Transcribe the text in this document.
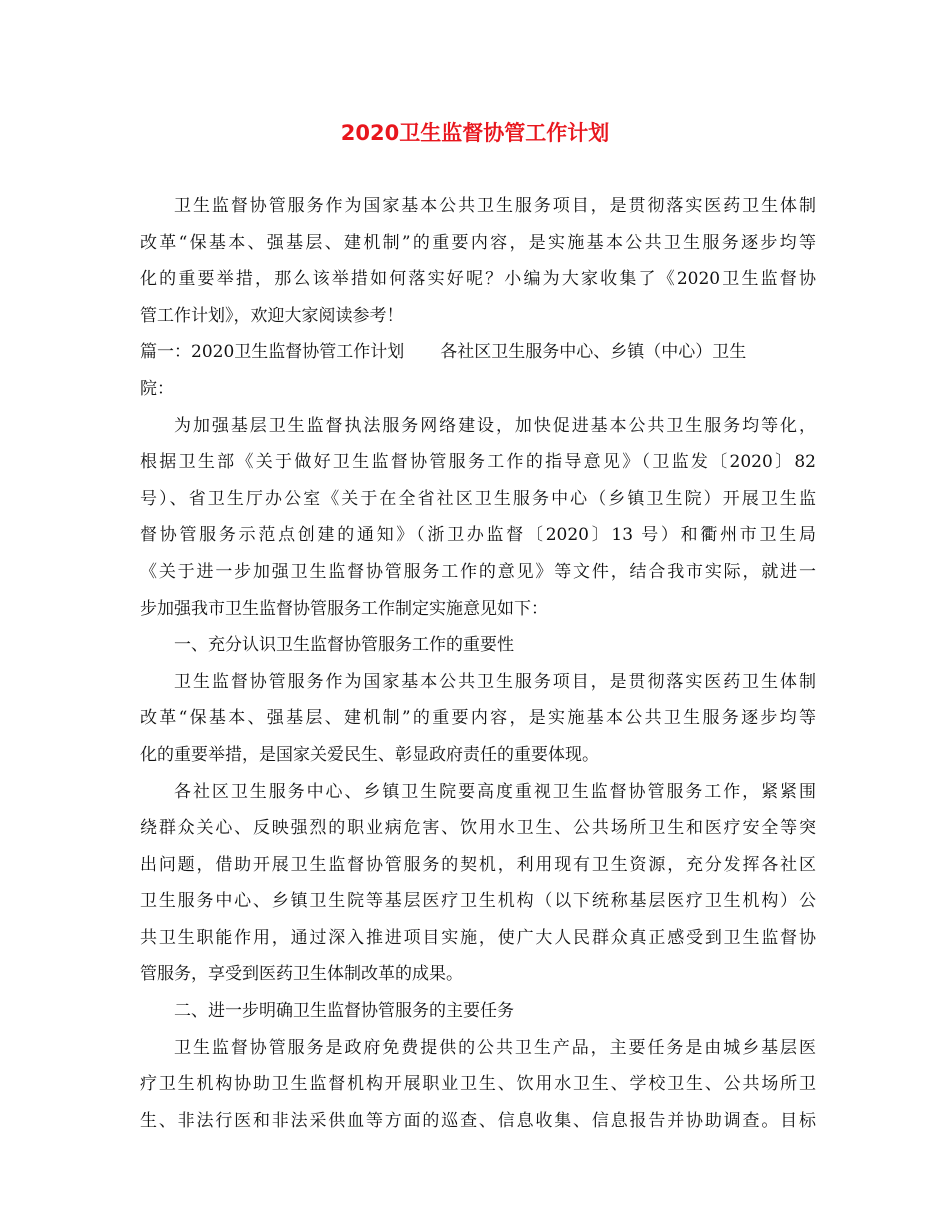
2020卫生监督协管工作计划
卫生监督协管服务作为国家基本公共卫生服务项目，是贯彻落实医药卫生体制
改革“保基本、强基层、建机制”的重要内容，是实施基本公共卫生服务逐步均等
化的重要举措，那么该举措如何落实好呢？小编为大家收集了《2020卫生监督协
管工作计划》，欢迎大家阅读参考！
篇一：2020卫生监督协管工作计划 各社区卫生服务中心、乡镇（中心）卫生
院：
为加强基层卫生监督执法服务网络建设，加快促进基本公共卫生服务均等化，
根据卫生部《关于做好卫生监督协管服务工作的指导意见》（卫监发〔2020〕82
号）、省卫生厅办公室《关于在全省社区卫生服务中心（乡镇卫生院）开展卫生监
督协管服务示范点创建的通知》（浙卫办监督〔2020〕13 号）和衢州市卫生局
《关于进一步加强卫生监督协管服务工作的意见》等文件，结合我市实际，就进一
步加强我市卫生监督协管服务工作制定实施意见如下：
一、充分认识卫生监督协管服务工作的重要性
卫生监督协管服务作为国家基本公共卫生服务项目，是贯彻落实医药卫生体制
改革“保基本、强基层、建机制”的重要内容，是实施基本公共卫生服务逐步均等
化的重要举措，是国家关爱民生、彰显政府责任的重要体现。
各社区卫生服务中心、乡镇卫生院要高度重视卫生监督协管服务工作，紧紧围
绕群众关心、反映强烈的职业病危害、饮用水卫生、公共场所卫生和医疗安全等突
出问题，借助开展卫生监督协管服务的契机，利用现有卫生资源，充分发挥各社区
卫生服务中心、乡镇卫生院等基层医疗卫生机构（以下统称基层医疗卫生机构）公
共卫生职能作用，通过深入推进项目实施，使广大人民群众真正感受到卫生监督协
管服务，享受到医药卫生体制改革的成果。
二、进一步明确卫生监督协管服务的主要任务
卫生监督协管服务是政府免费提供的公共卫生产品，主要任务是由城乡基层医
疗卫生机构协助卫生监督机构开展职业卫生、饮用水卫生、学校卫生、公共场所卫
生、非法行医和非法采供血等方面的巡查、信息收集、信息报告并协助调查。目标
